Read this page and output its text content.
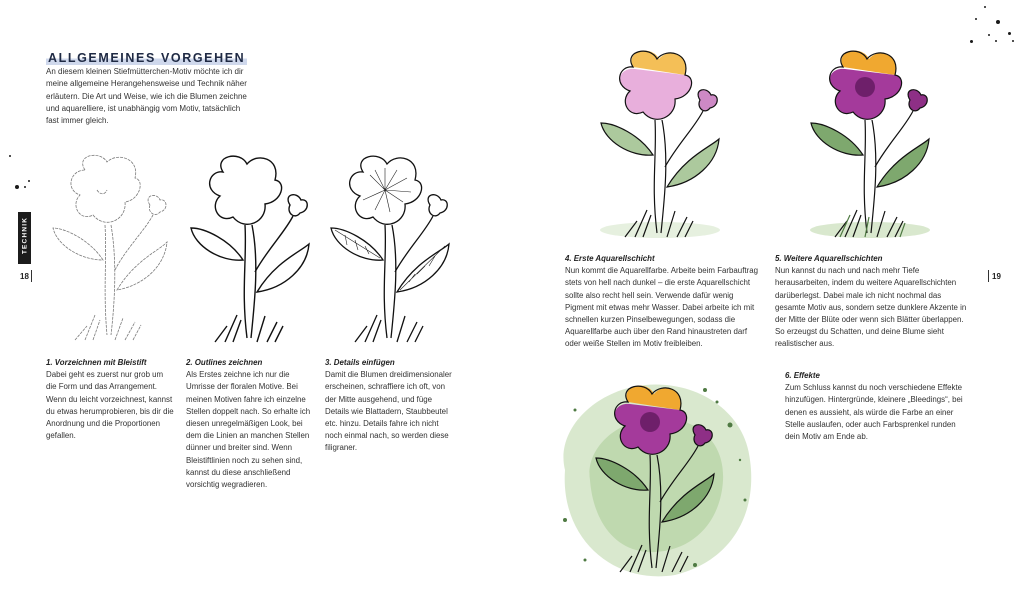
ALLGEMEINES VORGEHEN
An diesem kleinen Stiefmütterchen-Motiv möchte ich dir meine allgemeine Herangehensweise und Technik näher erläutern. Die Art und Weise, wie ich die Blumen zeichne und aquarelliere, ist unabhängig vom Motiv, tatsächlich fast immer gleich.
TECHNIK
18	19
1. Vorzeichnen mit Bleistift
Dabei geht es zuerst nur grob um die Form und das Arrangement. Wenn du leicht vorzeichnest, kannst du etwas herumprobieren, bis dir die Anordnung und die Proportionen gefallen.
2. Outlines zeichnen
Als Erstes zeichne ich nur die Umrisse der floralen Motive. Bei meinen Motiven fahre ich einzelne Stellen doppelt nach. So erhalte ich diesen unregelmäßigen Look, bei dem die Linien an manchen Stellen dünner und breiter sind. Wenn Bleistiftlinien noch zu sehen sind, kannst du diese anschließend vorsichtig wegradieren.
3. Details einfügen
Damit die Blumen dreidimensionaler erscheinen, schraffiere ich oft, von der Mitte ausgehend, und füge Details wie Blattadern, Staubbeutel etc. hinzu. Details fahre ich nicht noch einmal nach, so werden diese filigraner.
4. Erste Aquarellschicht
Nun kommt die Aquarellfarbe. Arbeite beim Farbauftrag stets von hell nach dunkel – die erste Aquarellschicht sollte also recht hell sein. Verwende dafür wenig Pigment mit etwas mehr Wasser. Dabei arbeite ich mit schnellen kurzen Pinselbewegungen, sodass die Aquarellfarbe auch über den Rand hinaustreten darf oder weiße Stellen im Motiv freibleiben.
5. Weitere Aquarellschichten
Nun kannst du nach und nach mehr Tiefe herausarbeiten, indem du weitere Aquarellschichten darüberlegst. Dabei male ich nicht nochmal das gesamte Motiv aus, sondern setze dunklere Akzente in der Mitte der Blüte oder wenn sich Blätter überlappen. So erzeugst du Schatten, und deine Blume sieht realistischer aus.
6. Effekte
Zum Schluss kannst du noch verschiedene Effekte hinzufügen. Hintergründe, kleinere „Bleedings“, bei denen es aussieht, als würde die Farbe an einer Stelle auslaufen, oder auch Farbsprenkel runden dein Motiv am Ende ab.
